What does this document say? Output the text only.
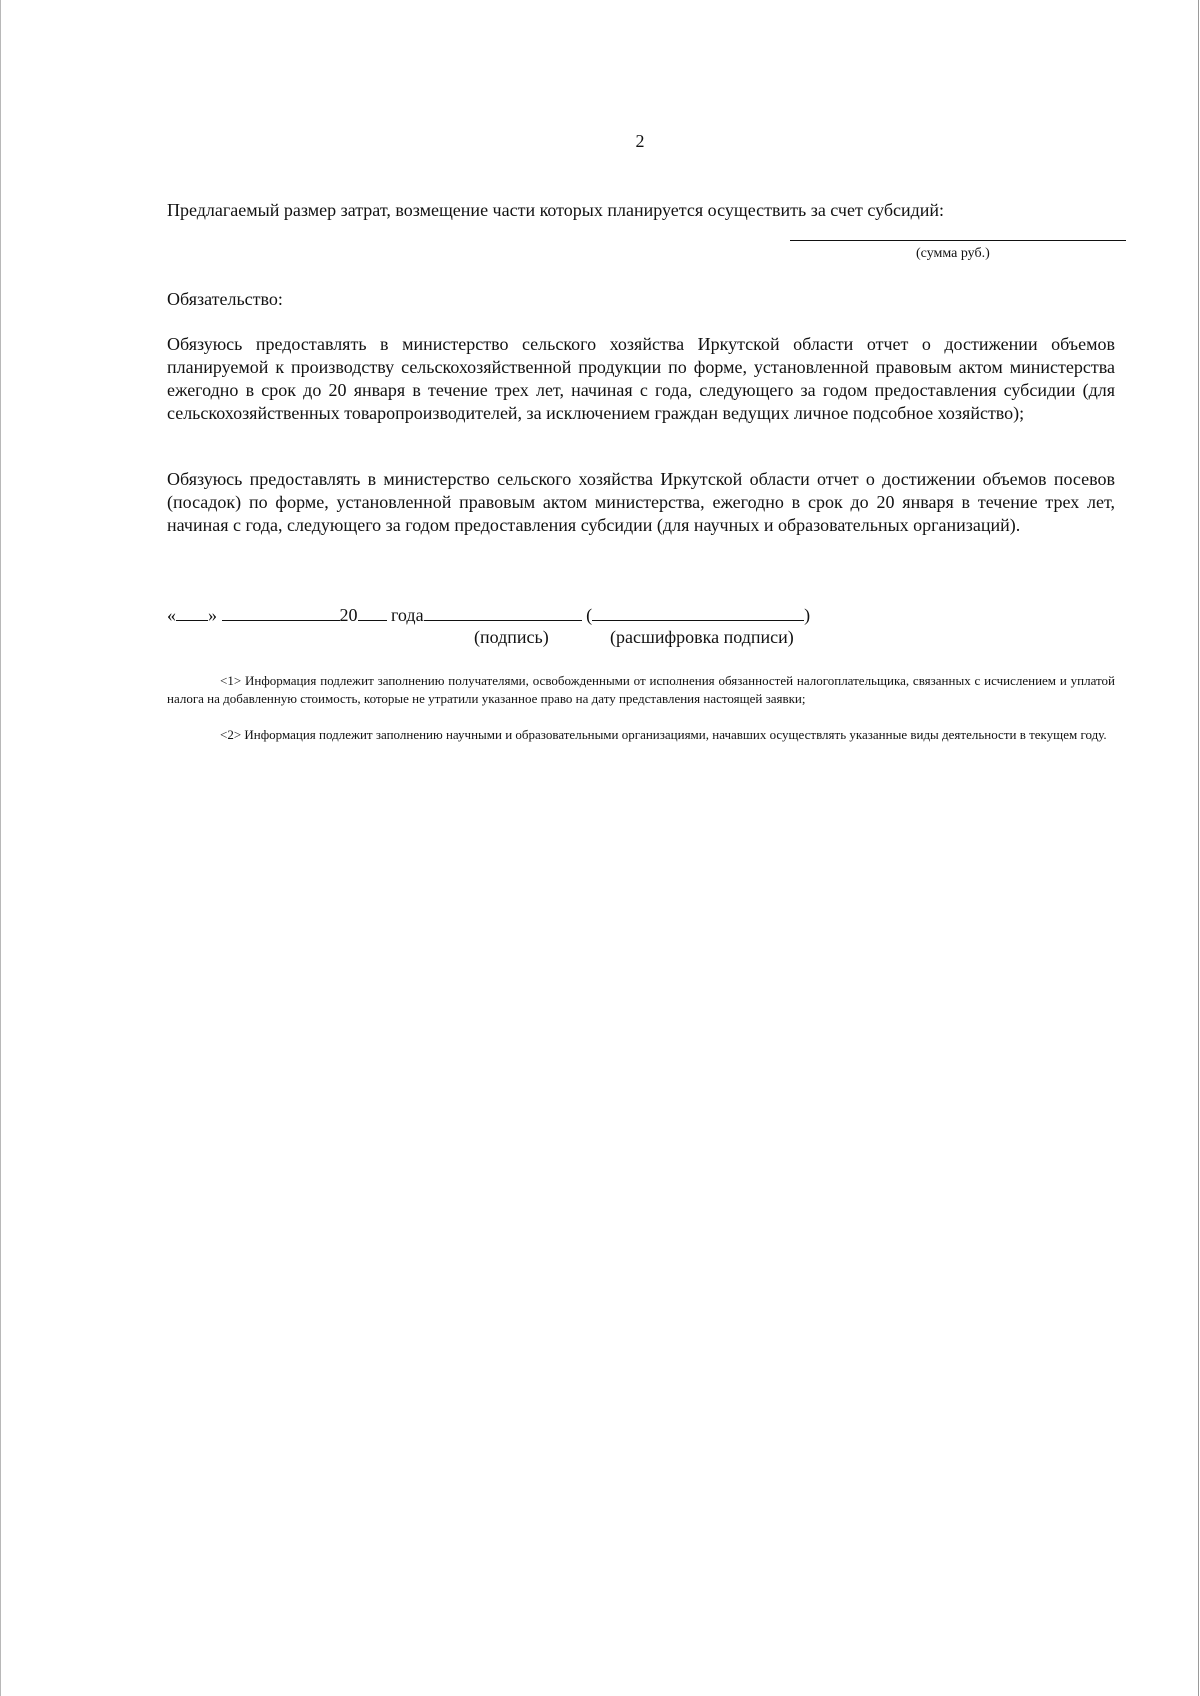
2
Предлагаемый размер затрат, возмещение части которых планируется осуществить за счет субсидий:
(сумма руб.)
Обязательство:
Обязуюсь предоставлять в министерство сельского хозяйства Иркутской области отчет о достижении объемов планируемой к производству сельскохозяйственной продукции по форме, установленной правовым актом министерства ежегодно в срок до 20 января в течение трех лет, начиная с года, следующего за годом предоставления субсидии (для сельскохозяйственных товаропроизводителей, за исключением граждан ведущих личное подсобное хозяйство);
Обязуюсь предоставлять в министерство сельского хозяйства Иркутской области отчет о достижении объемов посевов (посадок) по форме, установленной правовым актом министерства, ежегодно в срок до 20 января в течение трех лет, начиная с года, следующего за годом предоставления субсидии (для научных и образовательных организаций).
« »	20 года	(	)
(подпись)	(расшифровка подписи)
<1> Информация подлежит заполнению получателями, освобожденными от исполнения обязанностей налогоплательщика, связанных с исчислением и уплатой налога на добавленную стоимость, которые не утратили указанное право на дату представления настоящей заявки;
<2> Информация подлежит заполнению научными и образовательными организациями, начавших осуществлять указанные виды деятельности в текущем году.
